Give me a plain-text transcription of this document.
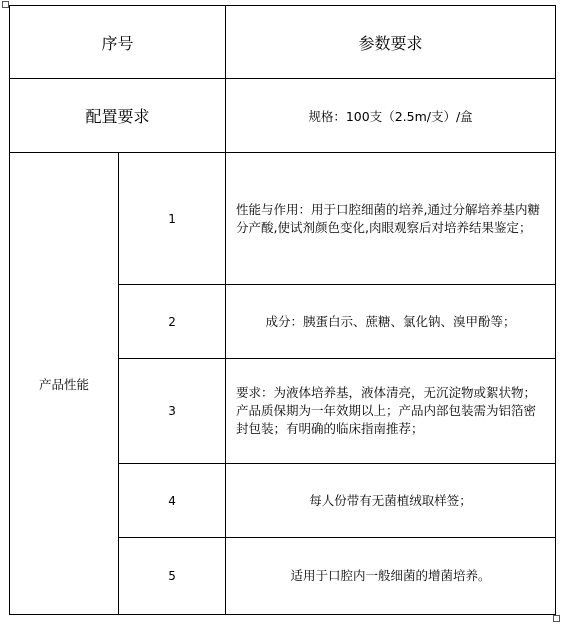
序号		参数要求
配置要求		规格：100支（2.5m/支）/盒
产品性能	1	性能与作用：用于口腔细菌的培养,通过分解培养基内糖分产酸,使试剂颜色变化,肉眼观察后对培养结果鉴定；
	2	成分：胰蛋白示、蔗糖、氯化钠、溴甲酚等；
	3	要求：为液体培养基，液体清亮，无沉淀物或絮状物；产品质保期为一年效期以上；产品内部包装需为铝箔密封包装；有明确的临床指南推荐；
	4	每人份带有无菌植绒取样签；
	5	适用于口腔内一般细菌的增菌培养。
